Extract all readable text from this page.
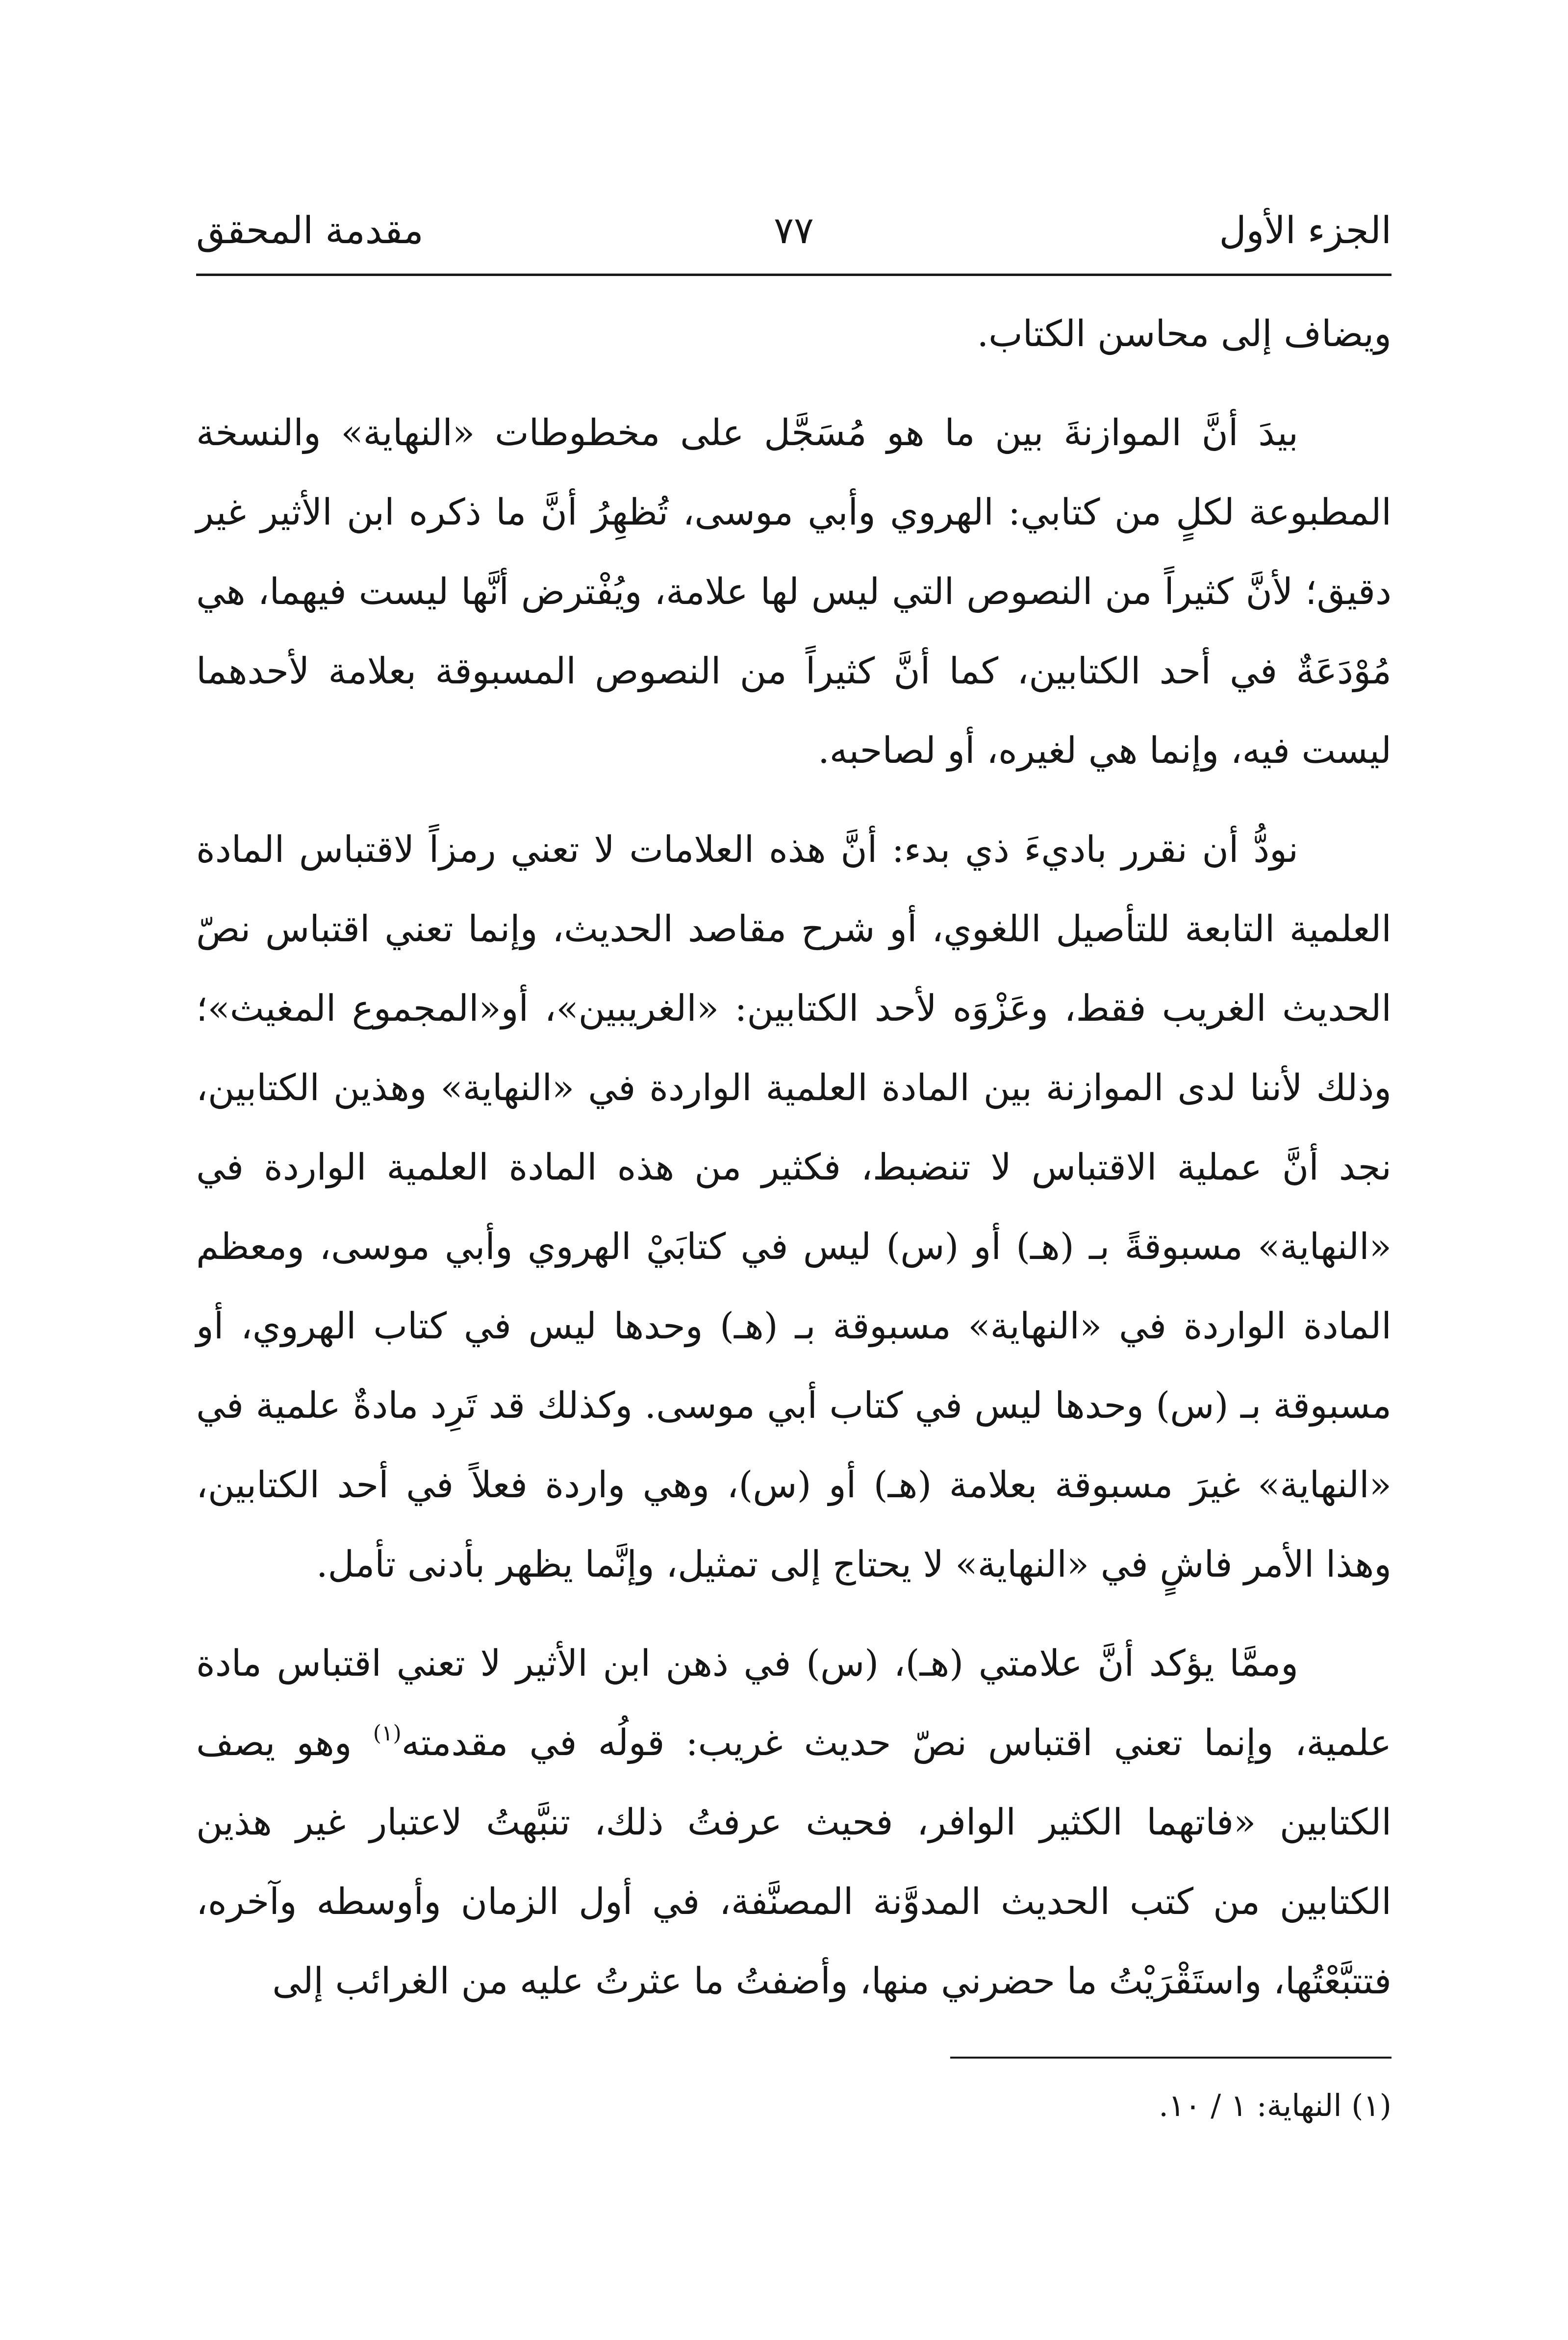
الجزء الأول
٧٧
مقدمة المحقق

ويضاف إلى محاسن الكتاب.

بيدَ أنَّ الموازنةَ بين ما هو مُسَجَّل على مخطوطات «النهاية» والنسخة المطبوعة لكلٍ من كتابي: الهروي وأبي موسى، تُظهِرُ أنَّ ما ذكره ابن الأثير غير دقيق؛ لأنَّ كثيراً من النصوص التي ليس لها علامة، ويُفْترض أنَّها ليست فيهما، هي مُوْدَعَةٌ في أحد الكتابين، كما أنَّ كثيراً من النصوص المسبوقة بعلامة لأحدهما ليست فيه، وإنما هي لغيره، أو لصاحبه.

نودُّ أن نقرر باديءَ ذي بدء: أنَّ هذه العلامات لا تعني رمزاً لاقتباس المادة العلمية التابعة للتأصيل اللغوي، أو شرح مقاصد الحديث، وإنما تعني اقتباس نصّ الحديث الغريب فقط، وعَزْوَه لأحد الكتابين: «الغريبين»، أو«المجموع المغيث»؛ وذلك لأننا لدى الموازنة بين المادة العلمية الواردة في «النهاية» وهذين الكتابين، نجد أنَّ عملية الاقتباس لا تنضبط، فكثير من هذه المادة العلمية الواردة في «النهاية» مسبوقةً بـ (هـ) أو (س) ليس في كتابَيْ الهروي وأبي موسى، ومعظم المادة الواردة في «النهاية» مسبوقة بـ (هـ) وحدها ليس في كتاب الهروي، أو مسبوقة بـ (س) وحدها ليس في كتاب أبي موسى. وكذلك قد تَرِد مادةٌ علمية في «النهاية» غيرَ مسبوقة بعلامة (هـ) أو (س)، وهي واردة فعلاً في أحد الكتابين، وهذا الأمر فاشٍ في «النهاية» لا يحتاج إلى تمثيل، وإنَّما يظهر بأدنى تأمل.

وممَّا يؤكد أنَّ علامتي (هـ)، (س) في ذهن ابن الأثير لا تعني اقتباس مادة علمية، وإنما تعني اقتباس نصّ حديث غريب: قولُه في مقدمته$^{(١)}$ وهو يصف الكتابين «فاتهما الكثير الوافر، فحيث عرفتُ ذلك، تنبَّهتُ لاعتبار غير هذين الكتابين من كتب الحديث المدوَّنة المصنَّفة، في أول الزمان وأوسطه وآخره، فتتبَّعْتُها، واستَقْرَيْتُ ما حضرني منها، وأضفتُ ما عثرتُ عليه من الغرائب إلى

(١) النهاية: ١ / ١٠.
